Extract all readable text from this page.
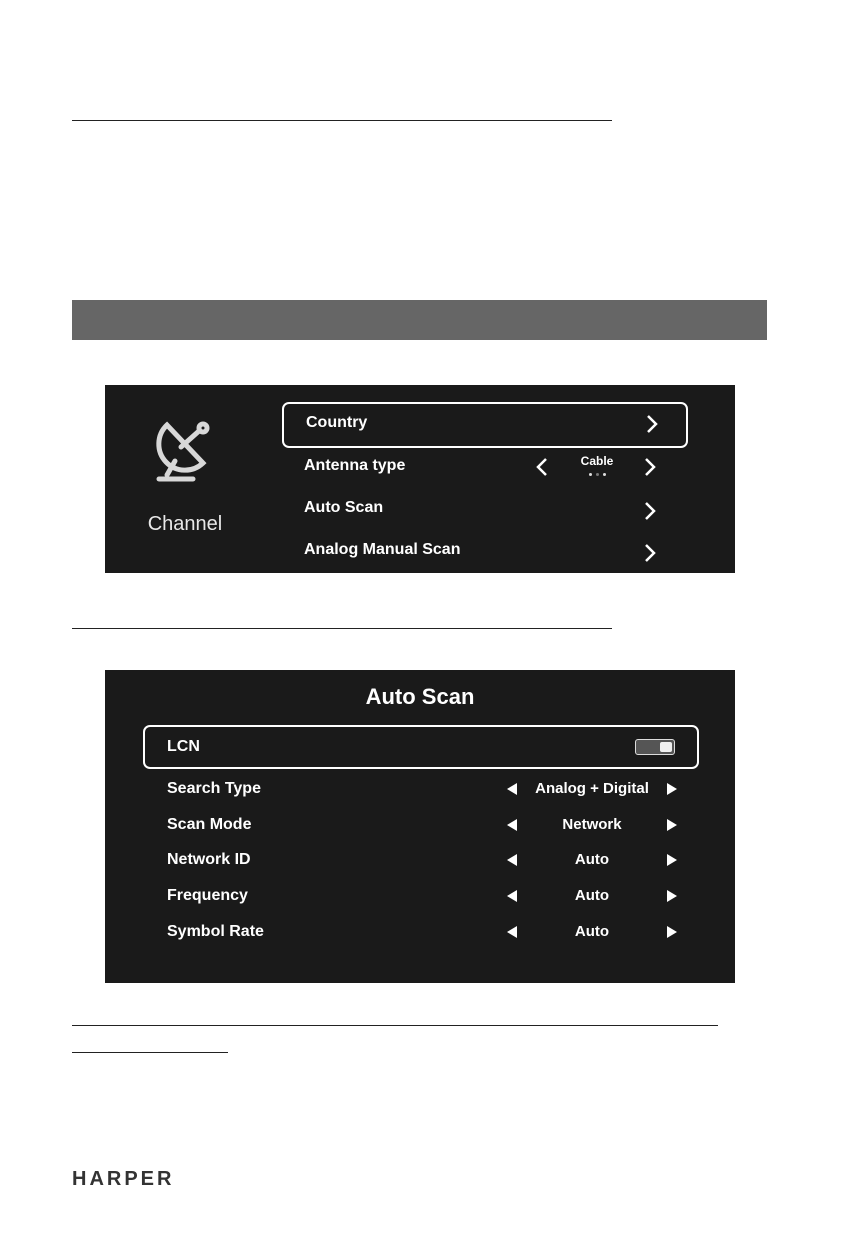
Channel
Country
Antenna type	Cable
Auto Scan
Analog Manual Scan
Auto Scan
LCN
Search Type	Analog + Digital
Scan Mode	Network
Network ID	Auto
Frequency	Auto
Symbol Rate	Auto
HARPER
